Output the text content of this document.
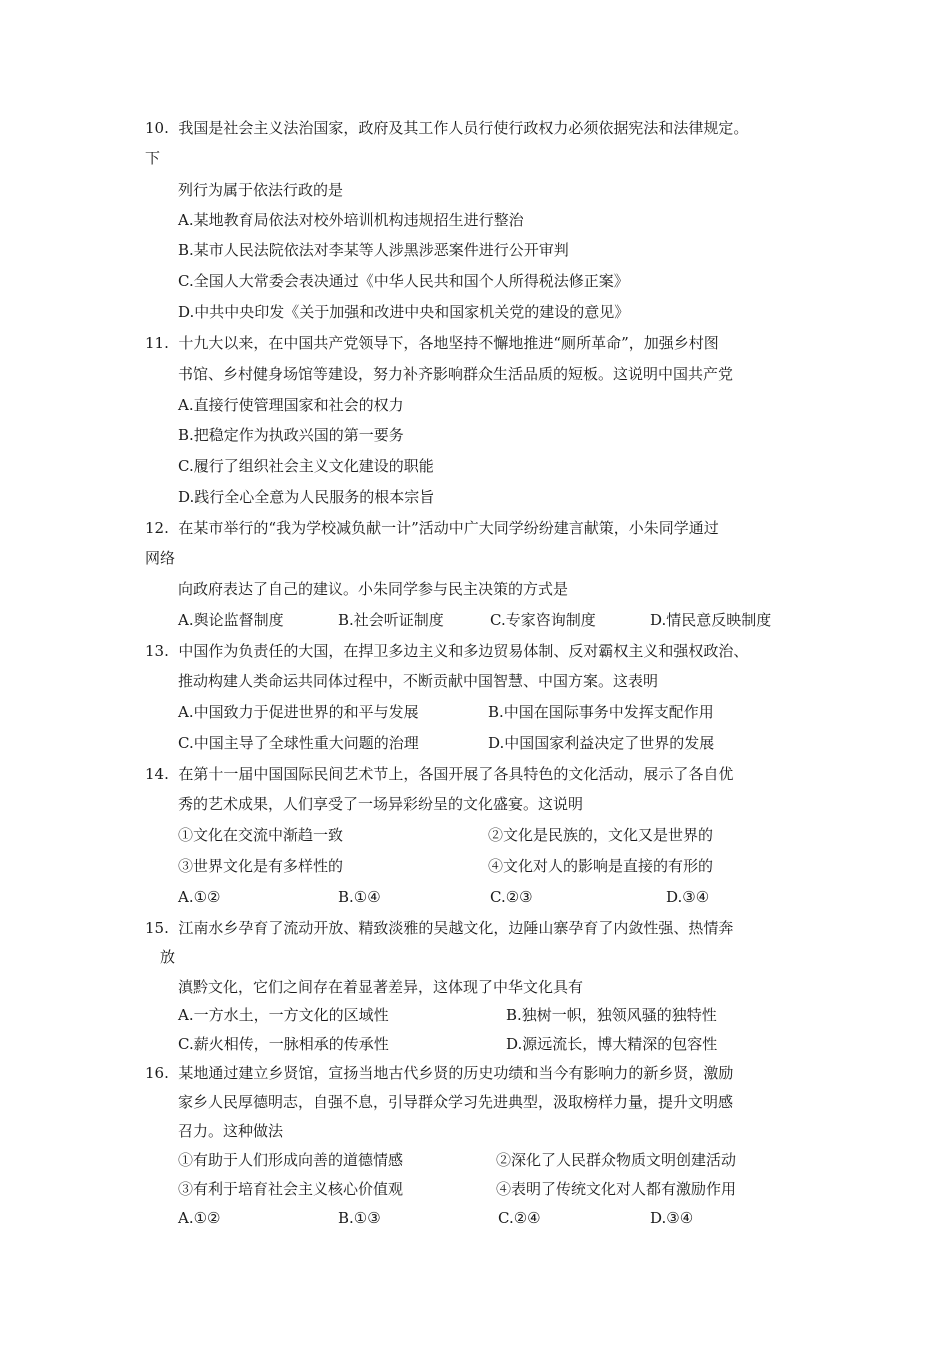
10. 我国是社会主义法治国家，政府及其工作人员行使行政权力必须依据宪法和法律规定。
下
列行为属于依法行政的是
A.某地教育局依法对校外培训机构违规招生进行整治
B.某市人民法院依法对李某等人涉黑涉恶案件进行公开审判
C.全国人大常委会表决通过《中华人民共和国个人所得税法修正案》
D.中共中央印发《关于加强和改进中央和国家机关党的建设的意见》
11. 十九大以来，在中国共产党领导下，各地坚持不懈地推进“厕所革命”，加强乡村图
书馆、乡村健身场馆等建设，努力补齐影响群众生活品质的短板。这说明中国共产党
A.直接行使管理国家和社会的权力
B.把稳定作为执政兴国的第一要务
C.履行了组织社会主义文化建设的职能
D.践行全心全意为人民服务的根本宗旨
12. 在某市举行的“我为学校减负献一计”活动中广大同学纷纷建言献策，小朱同学通过
网络
向政府表达了自己的建议。小朱同学参与民主决策的方式是
A.舆论监督制度	B.社会听证制度	C.专家咨询制度	D.情民意反映制度
13. 中国作为负责任的大国，在捍卫多边主义和多边贸易体制、反对霸权主义和强权政治、
推动构建人类命运共同体过程中，不断贡献中国智慧、中国方案。这表明
A.中国致力于促进世界的和平与发展	B.中国在国际事务中发挥支配作用
C.中国主导了全球性重大问题的治理	D.中国国家利益决定了世界的发展
14. 在第十一届中国国际民间艺术节上，各国开展了各具特色的文化活动，展示了各自优
秀的艺术成果，人们享受了一场异彩纷呈的文化盛宴。这说明
①文化在交流中渐趋一致	②文化是民族的，文化又是世界的
③世界文化是有多样性的	④文化对人的影响是直接的有形的
A.①②	B.①④	C.②③	D.③④
15. 江南水乡孕育了流动开放、精致淡雅的吴越文化，边陲山寨孕育了内敛性强、热情奔
放
滇黔文化，它们之间存在着显著差异，这体现了中华文化具有
A.一方水土，一方文化的区域性	B.独树一帜，独领风骚的独特性
C.薪火相传，一脉相承的传承性	D.源远流长，博大精深的包容性
16. 某地通过建立乡贤馆，宣扬当地古代乡贤的历史功绩和当今有影响力的新乡贤，激励
家乡人民厚德明志，自强不息，引导群众学习先进典型，汲取榜样力量，提升文明感
召力。这种做法
①有助于人们形成向善的道德情感	②深化了人民群众物质文明创建活动
③有利于培育社会主义核心价值观	④表明了传统文化对人都有激励作用
A.①②	B.①③	C.②④	D.③④
